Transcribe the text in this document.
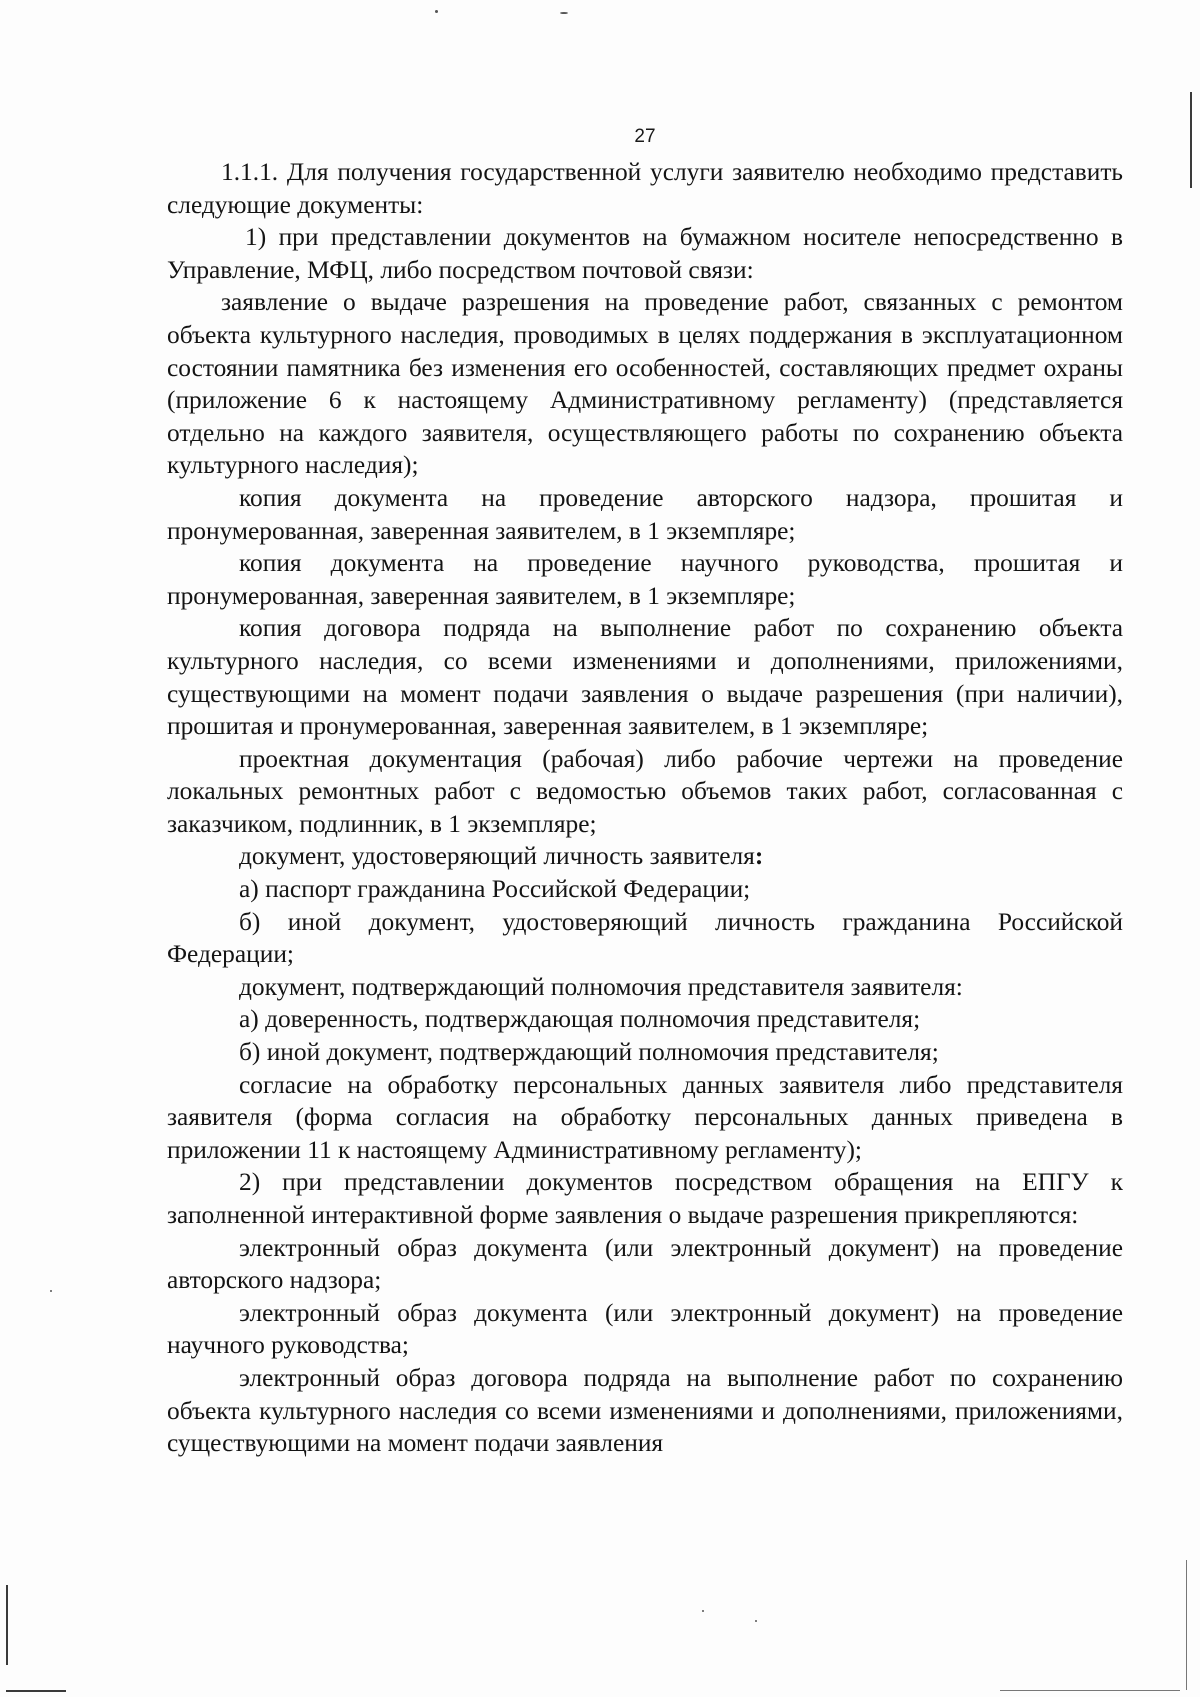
27

1.1.1. Для получения государственной услуги заявителю необходимо представить следующие документы:

1) при представлении документов на бумажном носителе непосредственно в Управление, МФЦ, либо посредством почтовой связи:

заявление о выдаче разрешения на проведение работ, связанных с ремонтом объекта культурного наследия, проводимых в целях поддержания в эксплуатационном состоянии памятника без изменения его особенностей, составляющих предмет охраны (приложение 6 к настоящему Административному регламенту) (представляется отдельно на каждого заявителя, осуществляющего работы по сохранению объекта культурного наследия);

копия документа на проведение авторского надзора, прошитая и пронумерованная, заверенная заявителем, в 1 экземпляре;

копия документа на проведение научного руководства, прошитая и пронумерованная, заверенная заявителем, в 1 экземпляре;

копия договора подряда на выполнение работ по сохранению объекта культурного наследия, со всеми изменениями и дополнениями, приложениями, существующими на момент подачи заявления о выдаче разрешения (при наличии), прошитая и пронумерованная, заверенная заявителем, в 1 экземпляре;

проектная документация (рабочая) либо рабочие чертежи на проведение локальных ремонтных работ с ведомостью объемов таких работ, согласованная с заказчиком, подлинник, в 1 экземпляре;

документ, удостоверяющий личность заявителя:

а) паспорт гражданина Российской Федерации;

б) иной документ, удостоверяющий личность гражданина Российской Федерации;

документ, подтверждающий полномочия представителя заявителя:

а) доверенность, подтверждающая полномочия представителя;

б) иной документ, подтверждающий полномочия представителя;

согласие на обработку персональных данных заявителя либо представителя заявителя (форма согласия на обработку персональных данных приведена в приложении 11 к настоящему Административному регламенту);

2) при представлении документов посредством обращения на ЕПГУ к заполненной интерактивной форме заявления о выдаче разрешения прикрепляются:

электронный образ документа (или электронный документ) на проведение авторского надзора;

электронный образ документа (или электронный документ) на проведение научного руководства;

электронный образ договора подряда на выполнение работ по сохранению объекта культурного наследия со всеми изменениями и дополнениями, приложениями, существующими на момент подачи заявления
